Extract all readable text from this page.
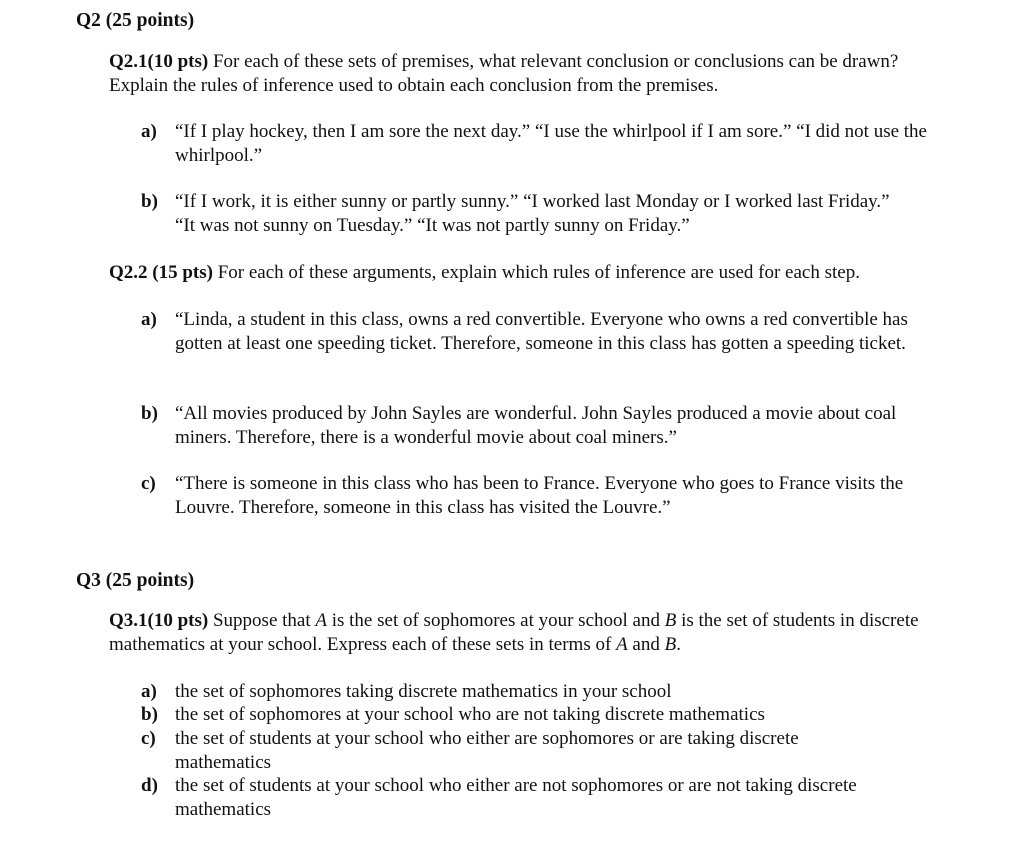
Q2 (25 points)
Q2.1(10 pts) For each of these sets of premises, what relevant conclusion or conclusions can be drawn? Explain the rules of inference used to obtain each conclusion from the premises.
a) “If I play hockey, then I am sore the next day.” “I use the whirlpool if I am sore.” “I did not use the whirlpool.”
b) “If I work, it is either sunny or partly sunny.” “I worked last Monday or I worked last Friday.” “It was not sunny on Tuesday.” “It was not partly sunny on Friday.”
Q2.2 (15 pts) For each of these arguments, explain which rules of inference are used for each step.
a) “Linda, a student in this class, owns a red convertible. Everyone who owns a red convertible has gotten at least one speeding ticket. Therefore, someone in this class has gotten a speeding ticket.
b) “All movies produced by John Sayles are wonderful. John Sayles produced a movie about coal miners. Therefore, there is a wonderful movie about coal miners.”
c)	“There is someone in this class who has been to France. Everyone who goes to France visits the Louvre. Therefore, someone in this class has visited the Louvre.”
Q3 (25 points)
Q3.1(10 pts) Suppose that A is the set of sophomores at your school and B is the set of students in discrete mathematics at your school. Express each of these sets in terms of A and B.
a) the set of sophomores taking discrete mathematics in your school
b) the set of sophomores at your school who are not taking discrete mathematics
c)	the set of students at your school who either are sophomores or are taking discrete mathematics
d) the set of students at your school who either are not sophomores or are not taking discrete mathematics
